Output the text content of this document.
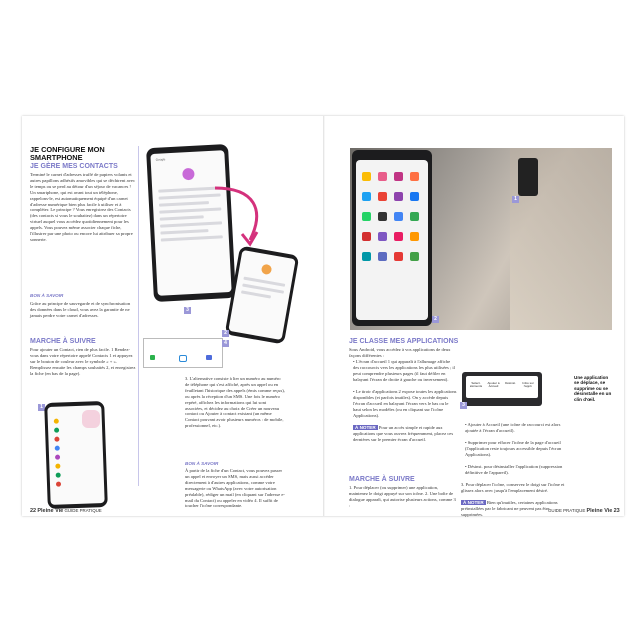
JE CONFIGURE MON
SMARTPHONE
JE GÈRE MES CONTACTS
Terminé le carnet d'adresses truffé de papiers volants et autres papillons adhésifs amovibles qui se déchirent avec le temps ou se perd au détour d'un séjour de vacances ! Un smartphone, qui est avant tout un téléphone, rappelons-le, est automatiquement équipé d'un carnet d'adresse numérique bien plus facile à utiliser et à compléter. Le principe ? Vous enregistrez des Contacts (des contacts si vous le souhaitez) dans un répertoire virtuel auquel vous accédez quotidiennement pour les appels. Vous pouvez même associer chaque fiche, l'illustrer par une photo ou encore lui attribuer sa propre sonnerie.
BON À SAVOIR
Grâce au principe de sauvegarde et de synchronisation des données dans le cloud, vous avez la garantie de ne jamais perdre votre carnet d'adresses.
MARCHE À SUIVRE
Pour ajouter un Contact, rien de plus facile. 1 Rendez-vous dans votre répertoire appelé Contacts 1 et appuyez sur le bouton de couleur avec le symbole « + ». Remplissez ensuite les champs souhaités 2, et enregistrez la fiche (en bas de la page).
Google
3
2
4
1
3. L'alternative consiste à lier un numéro au numéro de téléphone qui s'est affiché, après un appel ou en feuilletant l'historique des appels (émis comme reçus), ou après la réception d'un SMS. Une fois le numéro repéré, affichez les informations qui lui sont associées, et décidez au choix de Créer un nouveau contact ou Ajouter à contact existant (un même Contact pouvant avoir plusieurs numéros : de mobile, professionnel, etc.).
BON À SAVOIR
À partir de la fiche d'un Contact, vous pouvez passer un appel et envoyer un SMS, mais aussi accéder directement à d'autres applications, comme votre messagerie ou WhatsApp (avec votre autorisation préalable), rédiger un mail (en cliquant sur l'adresse e-mail du Contact) ou appeler en vidéo 4. Il suffit de toucher l'icône correspondante.
22 Pleine Vie GUIDE PRATIQUE
1
2
JE CLASSE MES APPLICATIONS
Sous Android, vous accédez à vos applications de deux façons différentes :
• L'écran d'accueil 1 qui apparaît à l'allumage affiche des raccourcis vers les applications les plus utilisées ; il peut comprendre plusieurs pages (il faut défiler en balayant l'écran de droite à gauche ou inversement).
• Le tiroir d'applications 2 expose toutes les applications disponibles (et parfois inutiles). On y accède depuis l'écran d'accueil en balayant l'écran vers le bas ou le haut selon les modèles (ou en cliquant sur l'icône Applications).
À NOTER Pour un accès simple et rapide aux applications que vous ouvrez fréquemment, placez ces dernières sur le premier écran d'accueil.
MARCHE À SUIVRE
1. Pour déplacer (ou supprimer) une application, maintenez le doigt appuyé sur son icône. 2. Une boîte de dialogue apparaît, qui autorise plusieurs actions, comme 3 :
Sélect. éléments
Ajouter à Accueil
Désinst.	Infos sur l'appli.
3
Une application se déplace, se supprime ou se désinstalle en un clin d'œil.
• Ajouter à Accueil (une icône de raccourci est alors ajoutée à l'écran d'accueil).
• Supprimer pour effacer l'icône de la page d'accueil (l'application reste toujours accessible depuis l'écran Applications).
• Désinst. pour désinstaller l'application (suppression définitive de l'appareil).
3. Pour déplacer l'icône, conservez le doigt sur l'icône et glissez alors avec jusqu'à l'emplacement désiré.
À NOTER Bien qu'inutiles, certaines applications préinstallées par le fabricant ne peuvent pas être supprimées.
GUIDE PRATIQUE Pleine Vie 23
